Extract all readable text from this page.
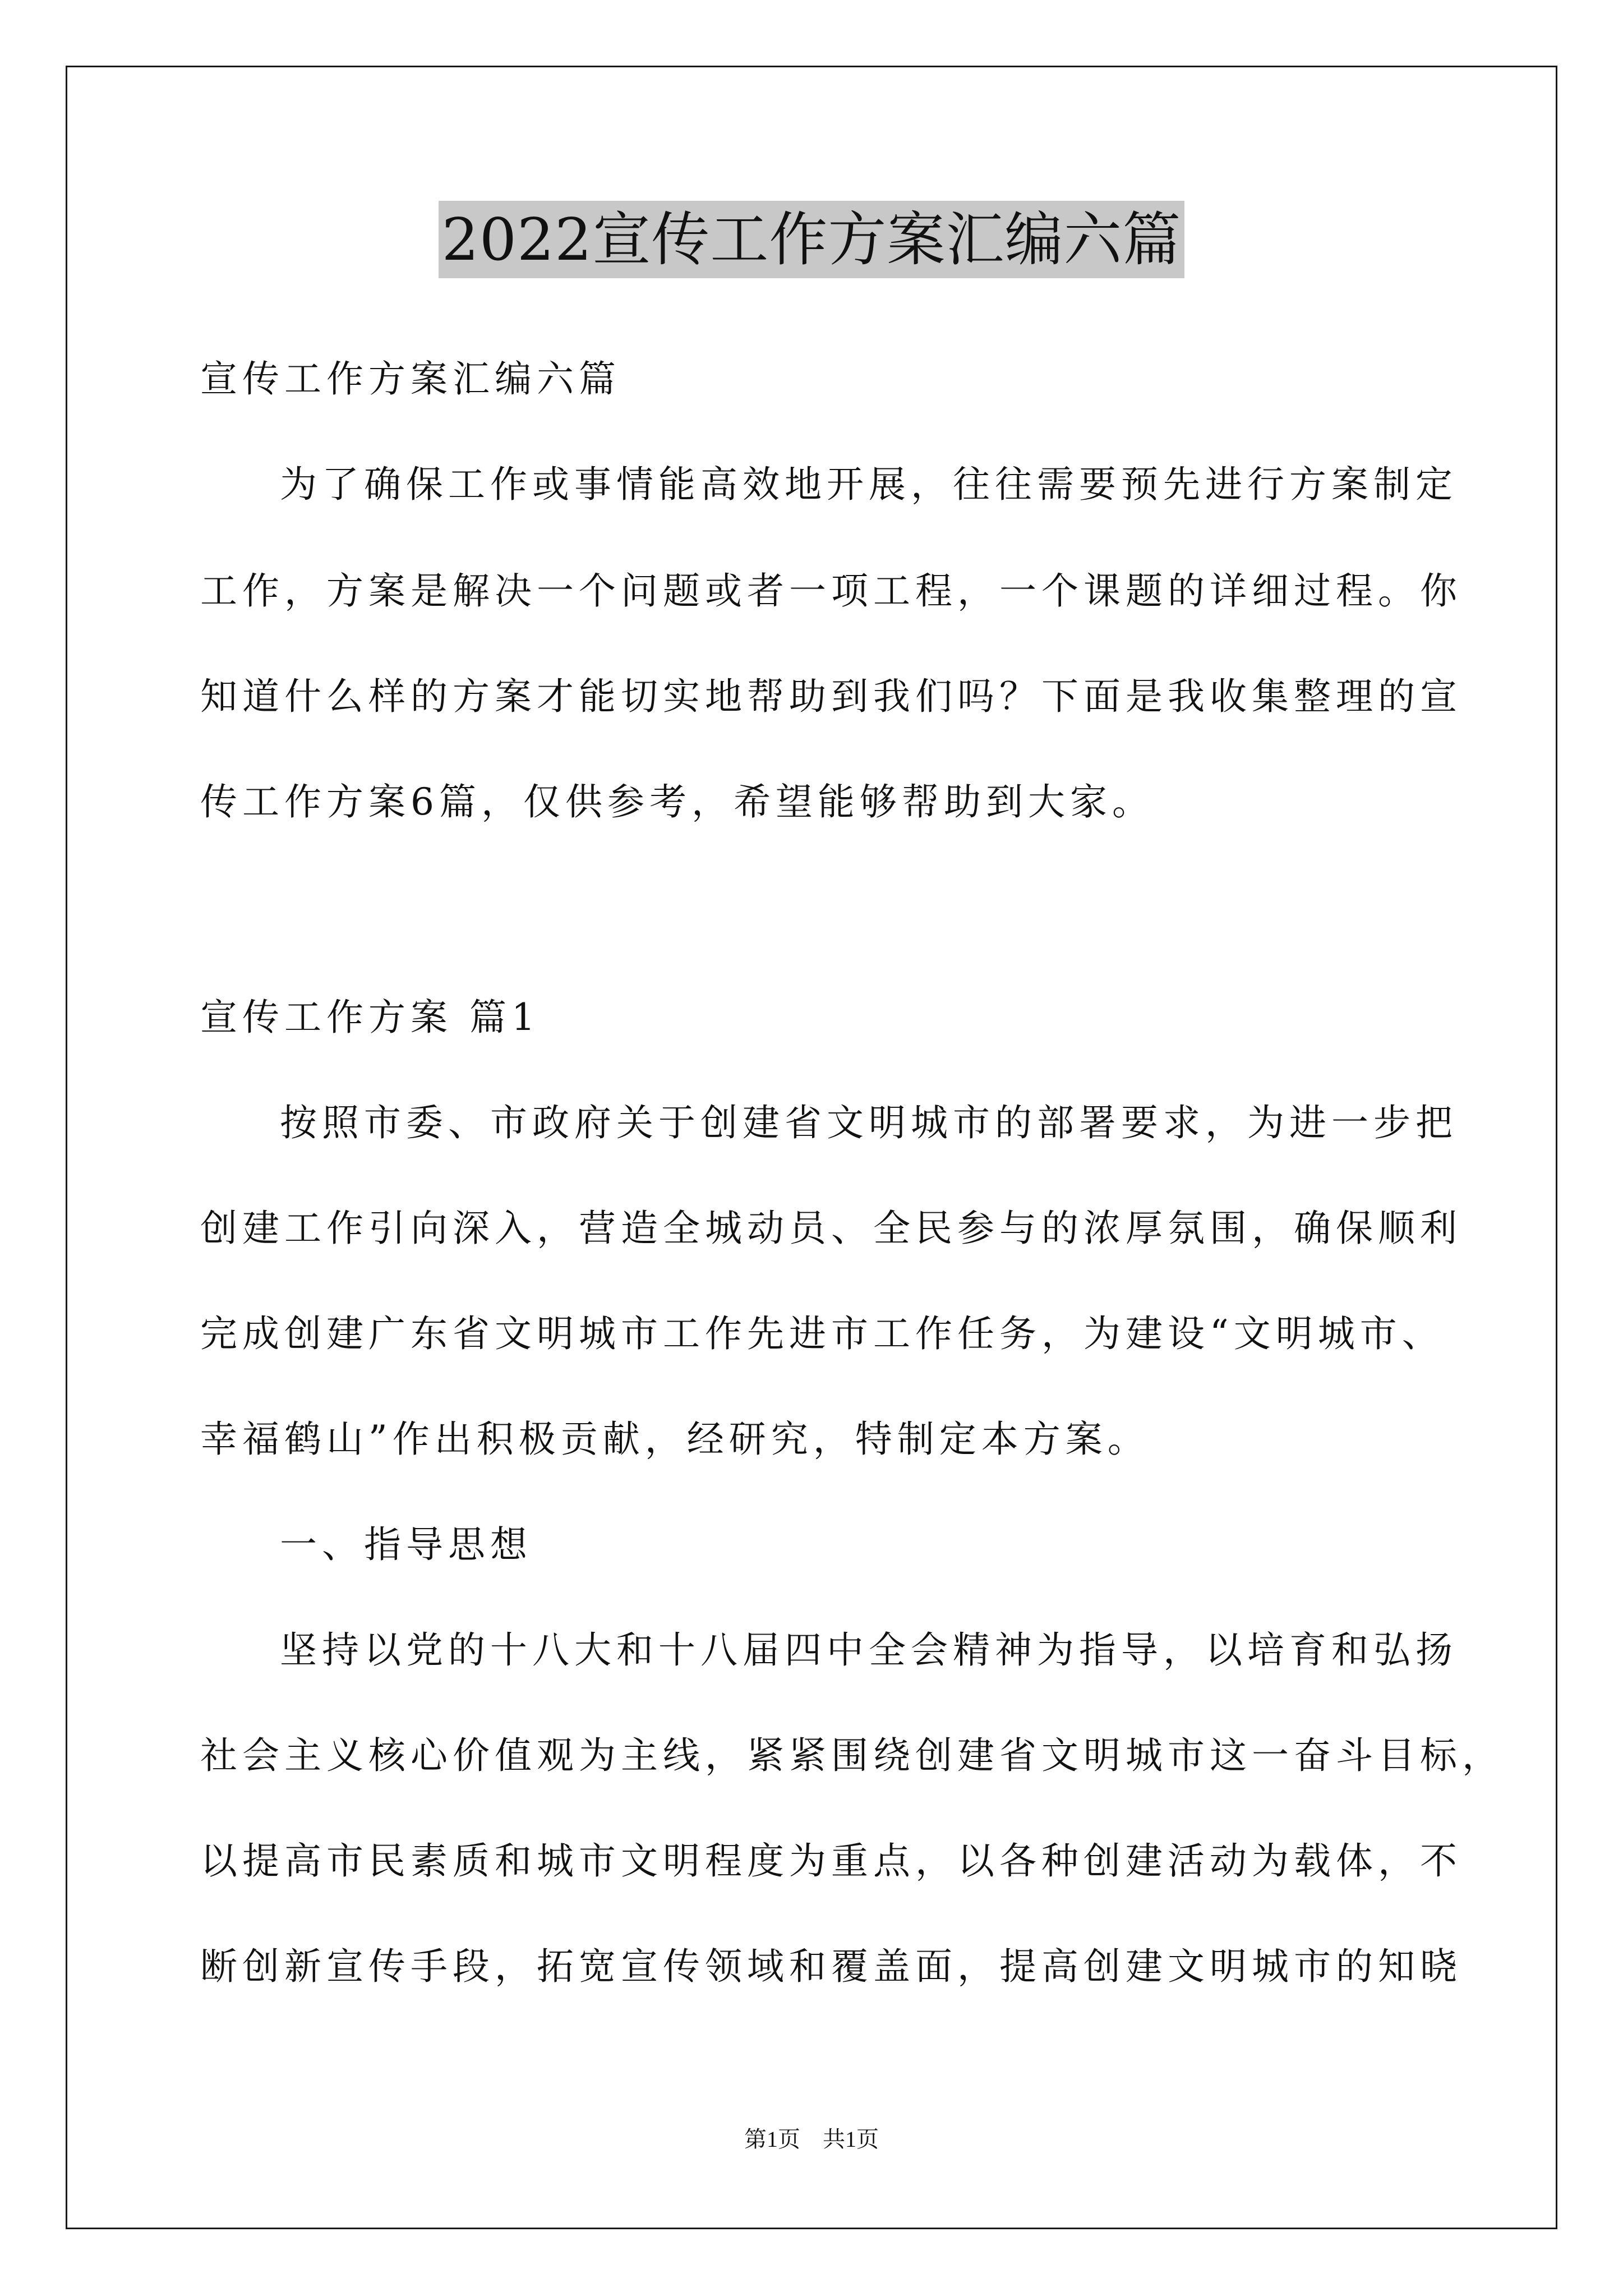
2022宣传工作方案汇编六篇
宣传工作方案汇编六篇
为了确保工作或事情能高效地开展，往往需要预先进行方案制定
工作，方案是解决一个问题或者一项工程，一个课题的详细过程。你
知道什么样的方案才能切实地帮助到我们吗？下面是我收集整理的宣
传工作方案6篇，仅供参考，希望能够帮助到大家。
宣传工作方案 篇1
按照市委、市政府关于创建省文明城市的部署要求，为进一步把
创建工作引向深入，营造全城动员、全民参与的浓厚氛围，确保顺利
完成创建广东省文明城市工作先进市工作任务，为建设“文明城市、
幸福鹤山”作出积极贡献，经研究，特制定本方案。
一、指导思想
坚持以党的十八大和十八届四中全会精神为指导，以培育和弘扬
社会主义核心价值观为主线，紧紧围绕创建省文明城市这一奋斗目标，
以提高市民素质和城市文明程度为重点，以各种创建活动为载体，不
断创新宣传手段，拓宽宣传领域和覆盖面，提高创建文明城市的知晓
第1页　共1页
